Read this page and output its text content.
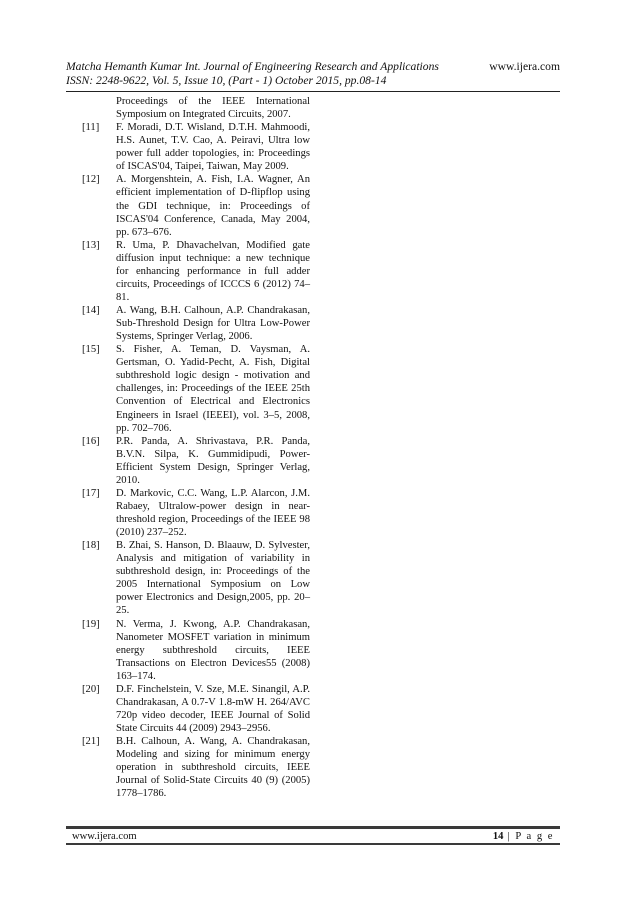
Matcha Hemanth Kumar Int. Journal of Engineering Research and Applications	www.ijera.com
ISSN: 2248-9622, Vol. 5, Issue 10, (Part - 1) October 2015, pp.08-14
Proceedings of the IEEE International Symposium on Integrated Circuits, 2007.
[11]	F. Moradi, D.T. Wisland, D.T.H. Mahmoodi, H.S. Aunet, T.V. Cao, A. Peiravi, Ultra low power full adder topologies, in: Proceedings of ISCAS'04, Taipei, Taiwan, May 2009.
[12]	A. Morgenshtein, A. Fish, I.A. Wagner, An efficient implementation of D-flipflop using the GDI technique, in: Proceedings of ISCAS'04 Conference, Canada, May 2004, pp. 673–676.
[13]	R. Uma, P. Dhavachelvan, Modified gate diffusion input technique: a new technique for enhancing performance in full adder circuits, Proceedings of ICCCS 6 (2012) 74–81.
[14]	A. Wang, B.H. Calhoun, A.P. Chandrakasan, Sub-Threshold Design for Ultra Low-Power Systems, Springer Verlag, 2006.
[15]	S. Fisher, A. Teman, D. Vaysman, A. Gertsman, O. Yadid-Pecht, A. Fish, Digital subthreshold logic design - motivation and challenges, in: Proceedings of the IEEE 25th Convention of Electrical and Electronics Engineers in Israel (IEEEI), vol. 3–5, 2008, pp. 702–706.
[16]	P.R. Panda, A. Shrivastava, P.R. Panda, B.V.N. Silpa, K. Gummidipudi, Power-Efficient System Design, Springer Verlag, 2010.
[17]	D. Markovic, C.C. Wang, L.P. Alarcon, J.M. Rabaey, Ultralow-power design in near-threshold region, Proceedings of the IEEE 98 (2010) 237–252.
[18]	B. Zhai, S. Hanson, D. Blaauw, D. Sylvester, Analysis and mitigation of variability in subthreshold design, in: Proceedings of the 2005 International Symposium on Low power Electronics and Design,2005, pp. 20–25.
[19]	N. Verma, J. Kwong, A.P. Chandrakasan, Nanometer MOSFET variation in minimum energy subthreshold circuits, IEEE Transactions on Electron Devices55 (2008) 163–174.
[20]	D.F. Finchelstein, V. Sze, M.E. Sinangil, A.P. Chandrakasan, A 0.7-V 1.8-mW H. 264/AVC 720p video decoder, IEEE Journal of Solid State Circuits 44 (2009) 2943–2956.
[21]	B.H. Calhoun, A. Wang, A. Chandrakasan, Modeling and sizing for minimum energy operation in subthreshold circuits, IEEE Journal of Solid-State Circuits 40 (9) (2005) 1778–1786.
www.ijera.com	14 | P a g e
